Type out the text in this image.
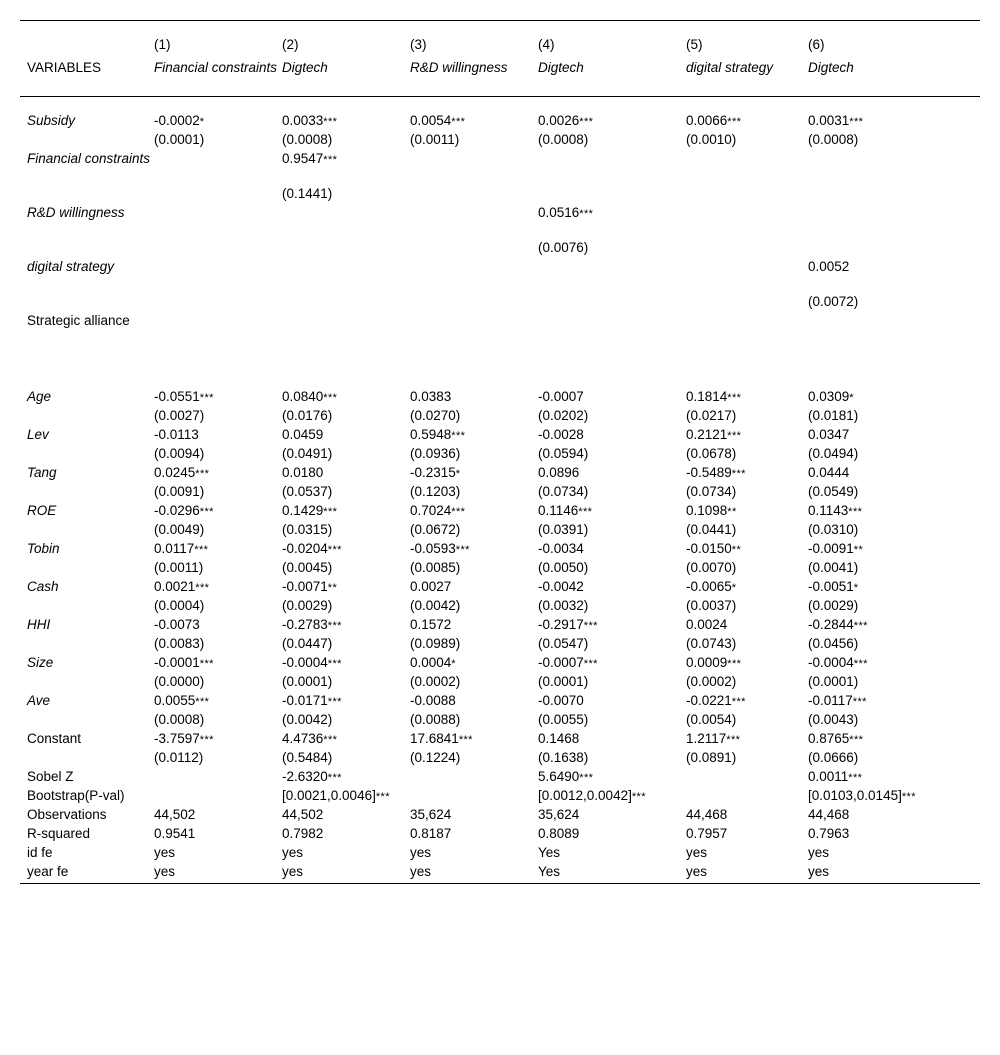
	(1)	(2)	(3)	(4)	(5)	(6)

VARIABLES	Financial constraints	Digtech	R&D willingness	Digtech	digital strategy	Digtech

Subsidy	-0.0002*	0.0033***	0.0054***	0.0026***	0.0066***	0.0031***
	(0.0001)	(0.0008)	(0.0011)	(0.0008)	(0.0010)	(0.0008)

Financial constraints		0.9547***				

		(0.1441)				

R&D willingness				0.0516***		

				(0.0076)		

digital strategy						0.0052

						(0.0072)

Strategic alliance						

Age	-0.0551***	0.0840***	0.0383	-0.0007	0.1814***	0.0309*
	(0.0027)	(0.0176)	(0.0270)	(0.0202)	(0.0217)	(0.0181)

Lev	-0.0113	0.0459	0.5948***	-0.0028	0.2121***	0.0347
	(0.0094)	(0.0491)	(0.0936)	(0.0594)	(0.0678)	(0.0494)

Tang	0.0245***	0.0180	-0.2315*	0.0896	-0.5489***	0.0444
	(0.0091)	(0.0537)	(0.1203)	(0.0734)	(0.0734)	(0.0549)

ROE	-0.0296***	0.1429***	0.7024***	0.1146***	0.1098**	0.1143***
	(0.0049)	(0.0315)	(0.0672)	(0.0391)	(0.0441)	(0.0310)

Tobin	0.0117***	-0.0204***	-0.0593***	-0.0034	-0.0150**	-0.0091**
	(0.0011)	(0.0045)	(0.0085)	(0.0050)	(0.0070)	(0.0041)

Cash	0.0021***	-0.0071**	0.0027	-0.0042	-0.0065*	-0.0051*
	(0.0004)	(0.0029)	(0.0042)	(0.0032)	(0.0037)	(0.0029)

HHI	-0.0073	-0.2783***	0.1572	-0.2917***	0.0024	-0.2844***
	(0.0083)	(0.0447)	(0.0989)	(0.0547)	(0.0743)	(0.0456)

Size	-0.0001***	-0.0004***	0.0004*	-0.0007***	0.0009***	-0.0004***
	(0.0000)	(0.0001)	(0.0002)	(0.0001)	(0.0002)	(0.0001)

Ave	0.0055***	-0.0171***	-0.0088	-0.0070	-0.0221***	-0.0117***
	(0.0008)	(0.0042)	(0.0088)	(0.0055)	(0.0054)	(0.0043)

Constant	-3.7597***	4.4736***	17.6841***	0.1468	1.2117***	0.8765***
	(0.0112)	(0.5484)	(0.1224)	(0.1638)	(0.0891)	(0.0666)

Sobel Z		-2.6320***		5.6490***		0.0011***

Bootstrap(P-val)		[0.0021,0.0046]***		[0.0012,0.0042]***		[0.0103,0.0145]***

Observations	44,502	44,502	35,624	35,624	44,468	44,468

R-squared	0.9541	0.7982	0.8187	0.8089	0.7957	0.7963

id fe	yes	yes	yes	Yes	yes	yes

year fe	yes	yes	yes	Yes	yes	yes
